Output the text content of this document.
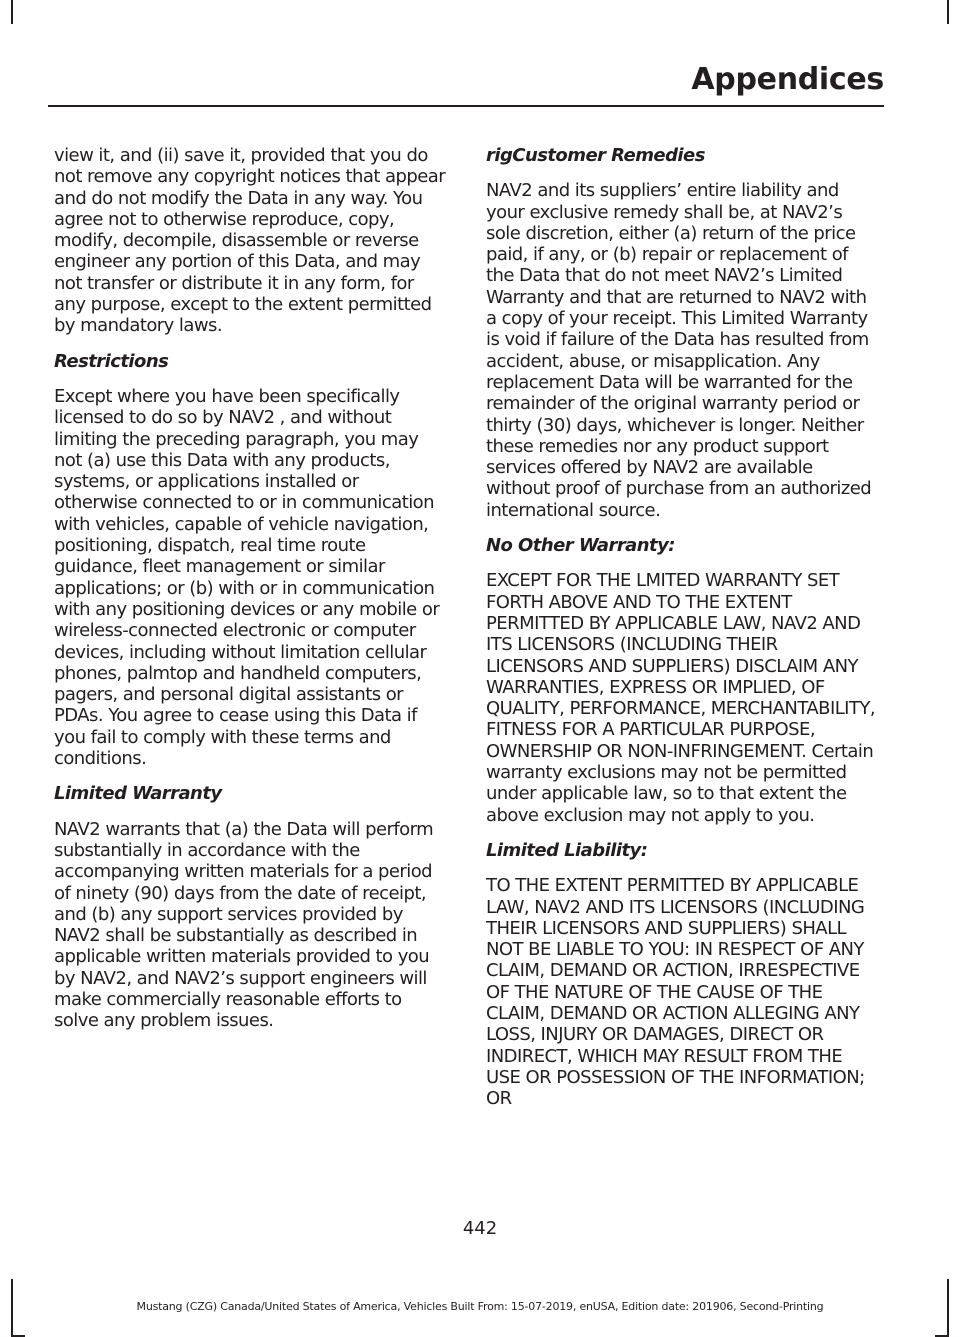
Appendices

view it, and (ii) save it, provided that you do not remove any copyright notices that appear and do not modify the Data in any way. You agree not to otherwise reproduce, copy, modify, decompile, disassemble or reverse engineer any portion of this Data, and may not transfer or distribute it in any form, for any purpose, except to the extent permitted by mandatory laws.

Restrictions

Except where you have been specifically licensed to do so by NAV2 , and without limiting the preceding paragraph, you may not (a) use this Data with any products, systems, or applications installed or otherwise connected to or in communication with vehicles, capable of vehicle navigation, positioning, dispatch, real time route guidance, fleet management or similar applications; or (b) with or in communication with any positioning devices or any mobile or wireless-connected electronic or computer devices, including without limitation cellular phones, palmtop and handheld computers, pagers, and personal digital assistants or PDAs. You agree to cease using this Data if you fail to comply with these terms and conditions.

Limited Warranty

NAV2 warrants that (a) the Data will perform substantially in accordance with the accompanying written materials for a period of ninety (90) days from the date of receipt, and (b) any support services provided by NAV2 shall be substantially as described in applicable written materials provided to you by NAV2, and NAV2’s support engineers will make commercially reasonable efforts to solve any problem issues.

rigCustomer Remedies

NAV2 and its suppliers’ entire liability and your exclusive remedy shall be, at NAV2’s sole discretion, either (a) return of the price paid, if any, or (b) repair or replacement of the Data that do not meet NAV2’s Limited Warranty and that are returned to NAV2 with a copy of your receipt. This Limited Warranty is void if failure of the Data has resulted from accident, abuse, or misapplication. Any replacement Data will be warranted for the remainder of the original warranty period or thirty (30) days, whichever is longer. Neither these remedies nor any product support services offered by NAV2 are available without proof of purchase from an authorized international source.

No Other Warranty:

EXCEPT FOR THE LMITED WARRANTY SET FORTH ABOVE AND TO THE EXTENT PERMITTED BY APPLICABLE LAW, NAV2 AND ITS LICENSORS (INCLUDING THEIR LICENSORS AND SUPPLIERS) DISCLAIM ANY WARRANTIES, EXPRESS OR IMPLIED, OF QUALITY, PERFORMANCE, MERCHANTABILITY, FITNESS FOR A PARTICULAR PURPOSE, OWNERSHIP OR NON-INFRINGEMENT. Certain warranty exclusions may not be permitted under applicable law, so to that extent the above exclusion may not apply to you.

Limited Liability:

TO THE EXTENT PERMITTED BY APPLICABLE LAW, NAV2 AND ITS LICENSORS (INCLUDING THEIR LICENSORS AND SUPPLIERS) SHALL NOT BE LIABLE TO YOU: IN RESPECT OF ANY CLAIM, DEMAND OR ACTION, IRRESPECTIVE OF THE NATURE OF THE CAUSE OF THE CLAIM, DEMAND OR ACTION ALLEGING ANY LOSS, INJURY OR DAMAGES, DIRECT OR INDIRECT, WHICH MAY RESULT FROM THE USE OR POSSESSION OF THE INFORMATION; OR

442
Mustang (CZG) Canada/United States of America, Vehicles Built From: 15-07-2019, enUSA, Edition date: 201906, Second-Printing
